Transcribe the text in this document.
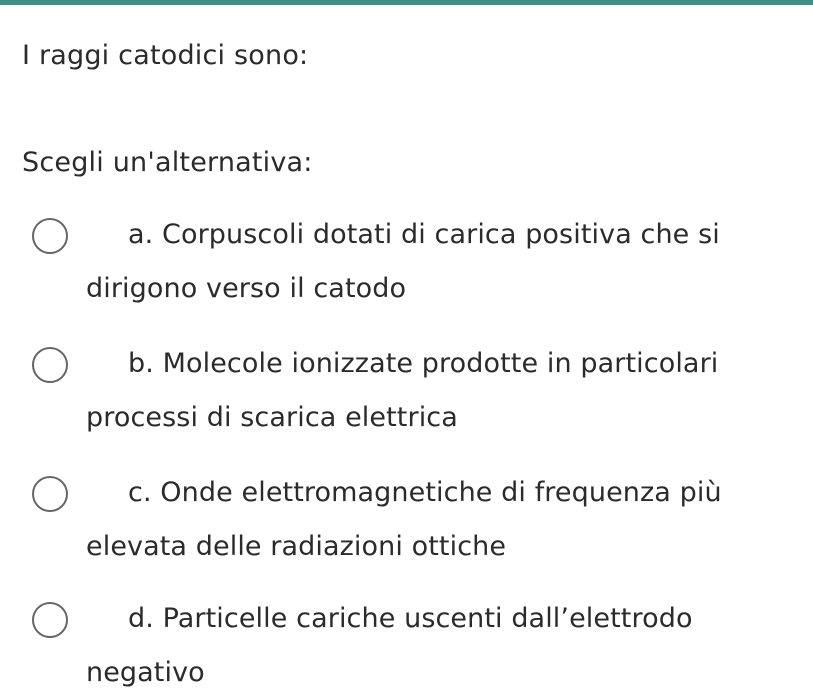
I raggi catodici sono:
Scegli un'alternativa:
a. Corpuscoli dotati di carica positiva che si
dirigono verso il catodo
b. Molecole ionizzate prodotte in particolari
processi di scarica elettrica
c. Onde elettromagnetiche di frequenza più
elevata delle radiazioni ottiche
d. Particelle cariche uscenti dall’elettrodo
negativo
